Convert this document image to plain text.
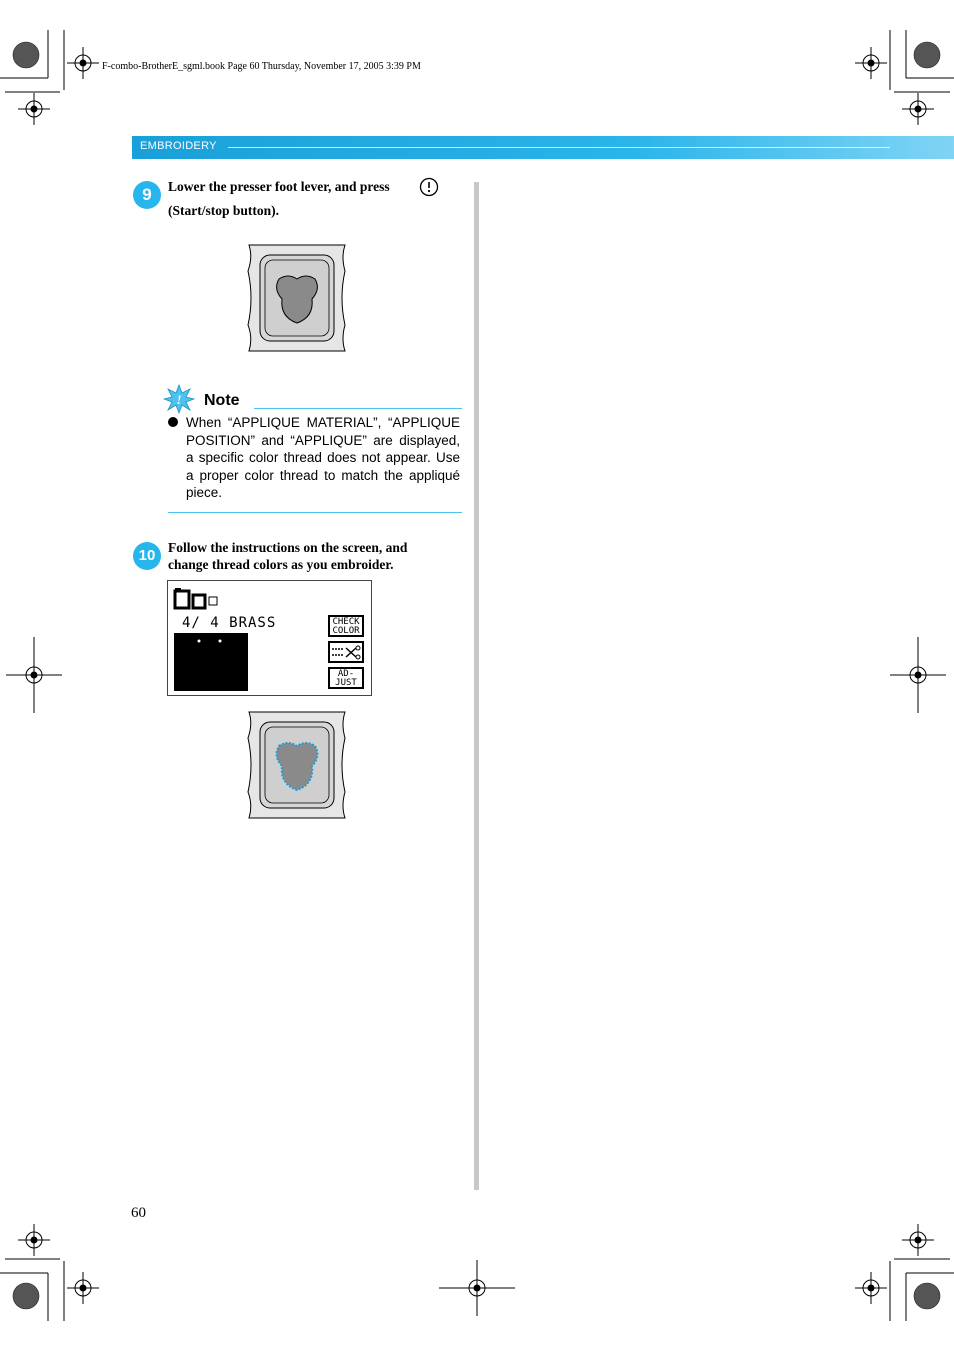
F-combo-BrotherE_sgml.book Page 60 Thursday, November 17, 2005 3:39 PM
EMBROIDERY
9	Lower the presser foot lever, and press
(Start/stop button).
! Note
When “APPLIQUE MATERIAL”, “APPLIQUE POSITION” and “APPLIQUE” are displayed, a specific color thread does not appear. Use a proper color thread to match the appliqué piece.
10 Follow the instructions on the screen, and
change thread colors as you embroider.
4/ 4 BRASS	CHECK
COLOR
AD-
JUST
60
